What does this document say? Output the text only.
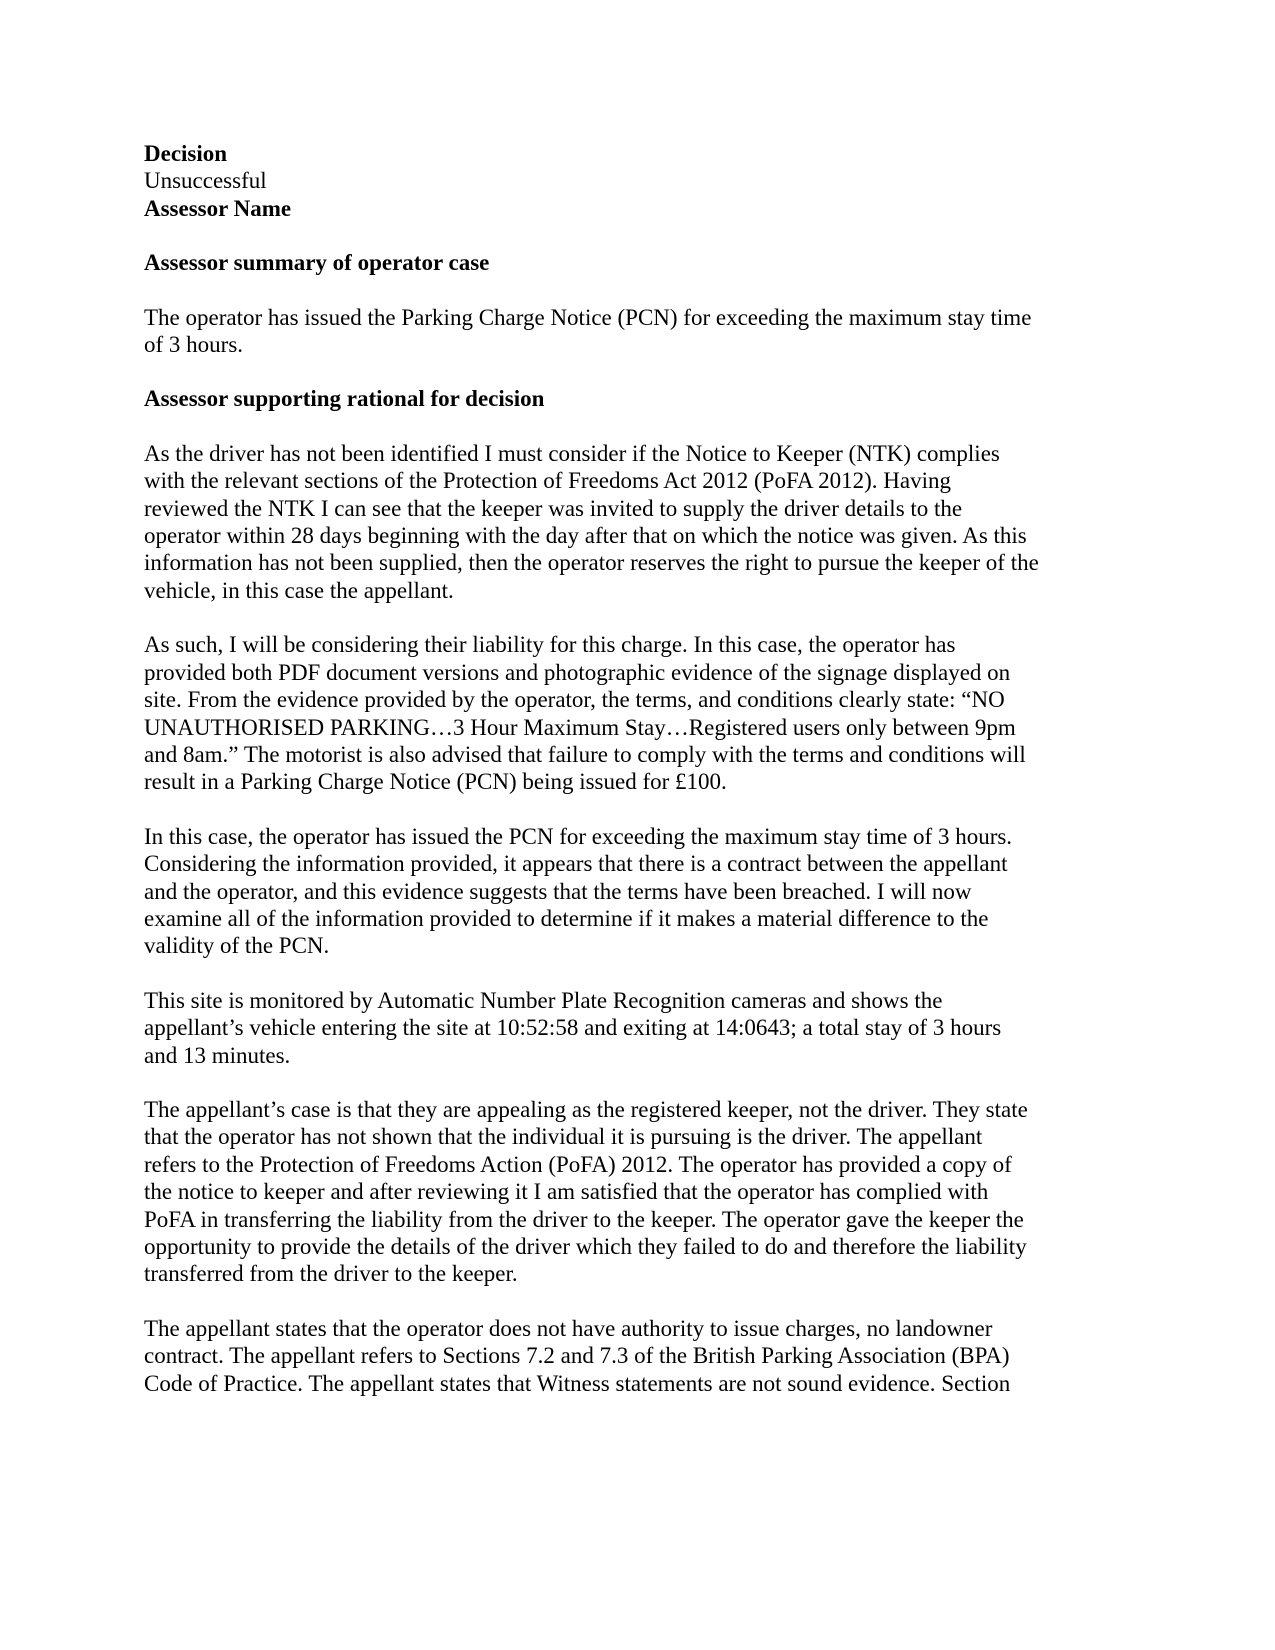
Decision

Unsuccessful

Assessor Name

Assessor summary of operator case

The operator has issued the Parking Charge Notice (PCN) for exceeding the maximum stay time

of 3 hours.

Assessor supporting rational for decision

As the driver has not been identified I must consider if the Notice to Keeper (NTK) complies

with the relevant sections of the Protection of Freedoms Act 2012 (PoFA 2012). Having

reviewed the NTK I can see that the keeper was invited to supply the driver details to the

operator within 28 days beginning with the day after that on which the notice was given. As this

information has not been supplied, then the operator reserves the right to pursue the keeper of the

vehicle, in this case the appellant.

As such, I will be considering their liability for this charge. In this case, the operator has

provided both PDF document versions and photographic evidence of the signage displayed on

site. From the evidence provided by the operator, the terms, and conditions clearly state: “NO

UNAUTHORISED PARKING…3 Hour Maximum Stay…Registered users only between 9pm

and 8am.” The motorist is also advised that failure to comply with the terms and conditions will

result in a Parking Charge Notice (PCN) being issued for £100.

In this case, the operator has issued the PCN for exceeding the maximum stay time of 3 hours.

Considering the information provided, it appears that there is a contract between the appellant

and the operator, and this evidence suggests that the terms have been breached. I will now

examine all of the information provided to determine if it makes a material difference to the

validity of the PCN.

This site is monitored by Automatic Number Plate Recognition cameras and shows the

appellant’s vehicle entering the site at 10:52:58 and exiting at 14:0643; a total stay of 3 hours

and 13 minutes.

The appellant’s case is that they are appealing as the registered keeper, not the driver. They state

that the operator has not shown that the individual it is pursuing is the driver. The appellant

refers to the Protection of Freedoms Action (PoFA) 2012. The operator has provided a copy of

the notice to keeper and after reviewing it I am satisfied that the operator has complied with

PoFA in transferring the liability from the driver to the keeper. The operator gave the keeper the

opportunity to provide the details of the driver which they failed to do and therefore the liability

transferred from the driver to the keeper.

The appellant states that the operator does not have authority to issue charges, no landowner

contract. The appellant refers to Sections 7.2 and 7.3 of the British Parking Association (BPA)

Code of Practice. The appellant states that Witness statements are not sound evidence. Section
